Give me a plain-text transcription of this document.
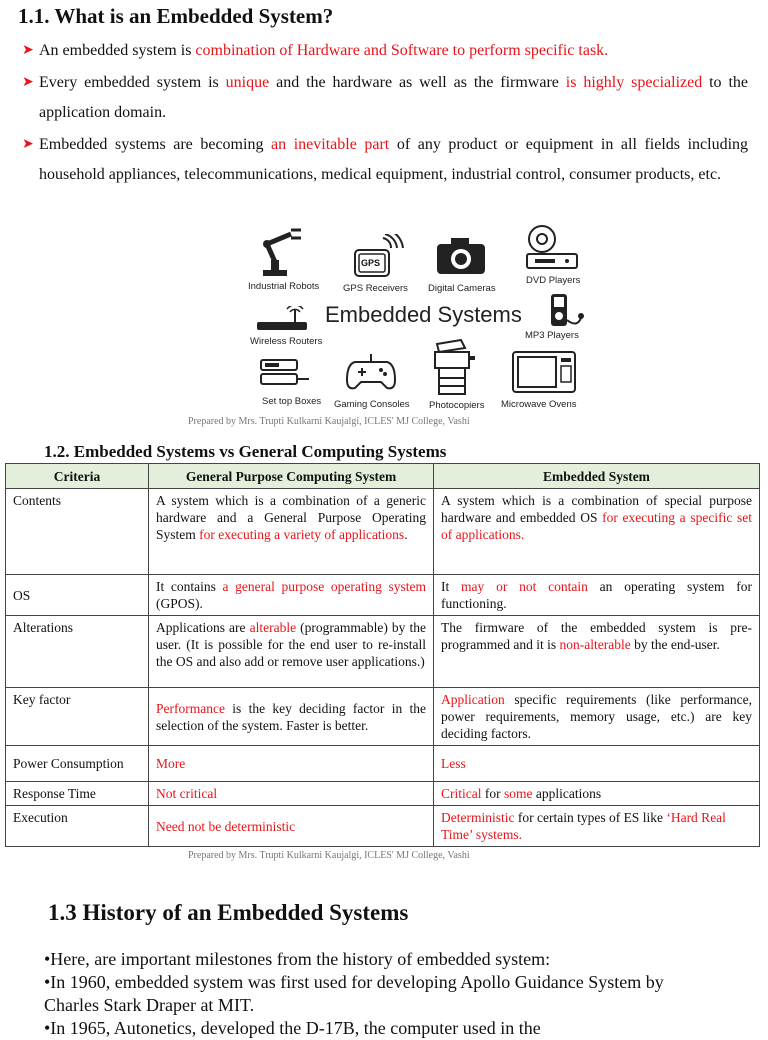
1.1. What is an Embedded System?
➤ An embedded system is combination of Hardware and Software to perform specific task.
➤ Every embedded system is unique and the hardware as well as the firmware is highly specialized to the application domain.
➤ Embedded systems are becoming an inevitable part of any product or equipment in all fields including household appliances, telecommunications, medical equipment, industrial control, consumer products, etc.
Industrial Robots
GPS
GPS Receivers Digital Cameras
DVD Players
Wireless Routers
Embedded Systems
MP3 Players
Set top Boxes Gaming Consoles Photocopiers Microwave Ovens
Prepared by Mrs. Trupti Kulkarni Kaujalgi, ICLES' MJ College, Vashi
1.2. Embedded Systems vs General Computing Systems
Criteria	General Purpose Computing System	Embedded System
Contents	A system which is a combination of a generic hardware and a General Purpose Operating System for executing a variety of applications.	A system which is a combination of special purpose hardware and embedded OS for executing a specific set of applications.
OS	It contains a general purpose operating system (GPOS).	It may or not contain an operating system for functioning.
Alterations	Applications are alterable (programmable) by the user. (It is possible for the end user to re-install the OS and also add or remove user applications.)	The firmware of the embedded system is pre-programmed and it is non-alterable by the end-user.
Key factor	Performance is the key deciding factor in the selection of the system. Faster is better.	Application specific requirements (like performance, power requirements, memory usage, etc.) are key deciding factors.
Power Consumption	More	Less
Response Time	Not critical	Critical for some applications
Execution	Need not be deterministic	Deterministic for certain types of ES like ‘Hard Real Time’ systems.
Prepared by Mrs. Trupti Kulkarni Kaujalgi, ICLES' MJ College, Vashi
1.3 History of an Embedded Systems

•Here, are important milestones from the history of embedded system:

•In 1960, embedded system was first used for developing Apollo Guidance System by Charles Stark Draper at MIT.

•In 1965, Autonetics, developed the D-17B, the computer used in the
